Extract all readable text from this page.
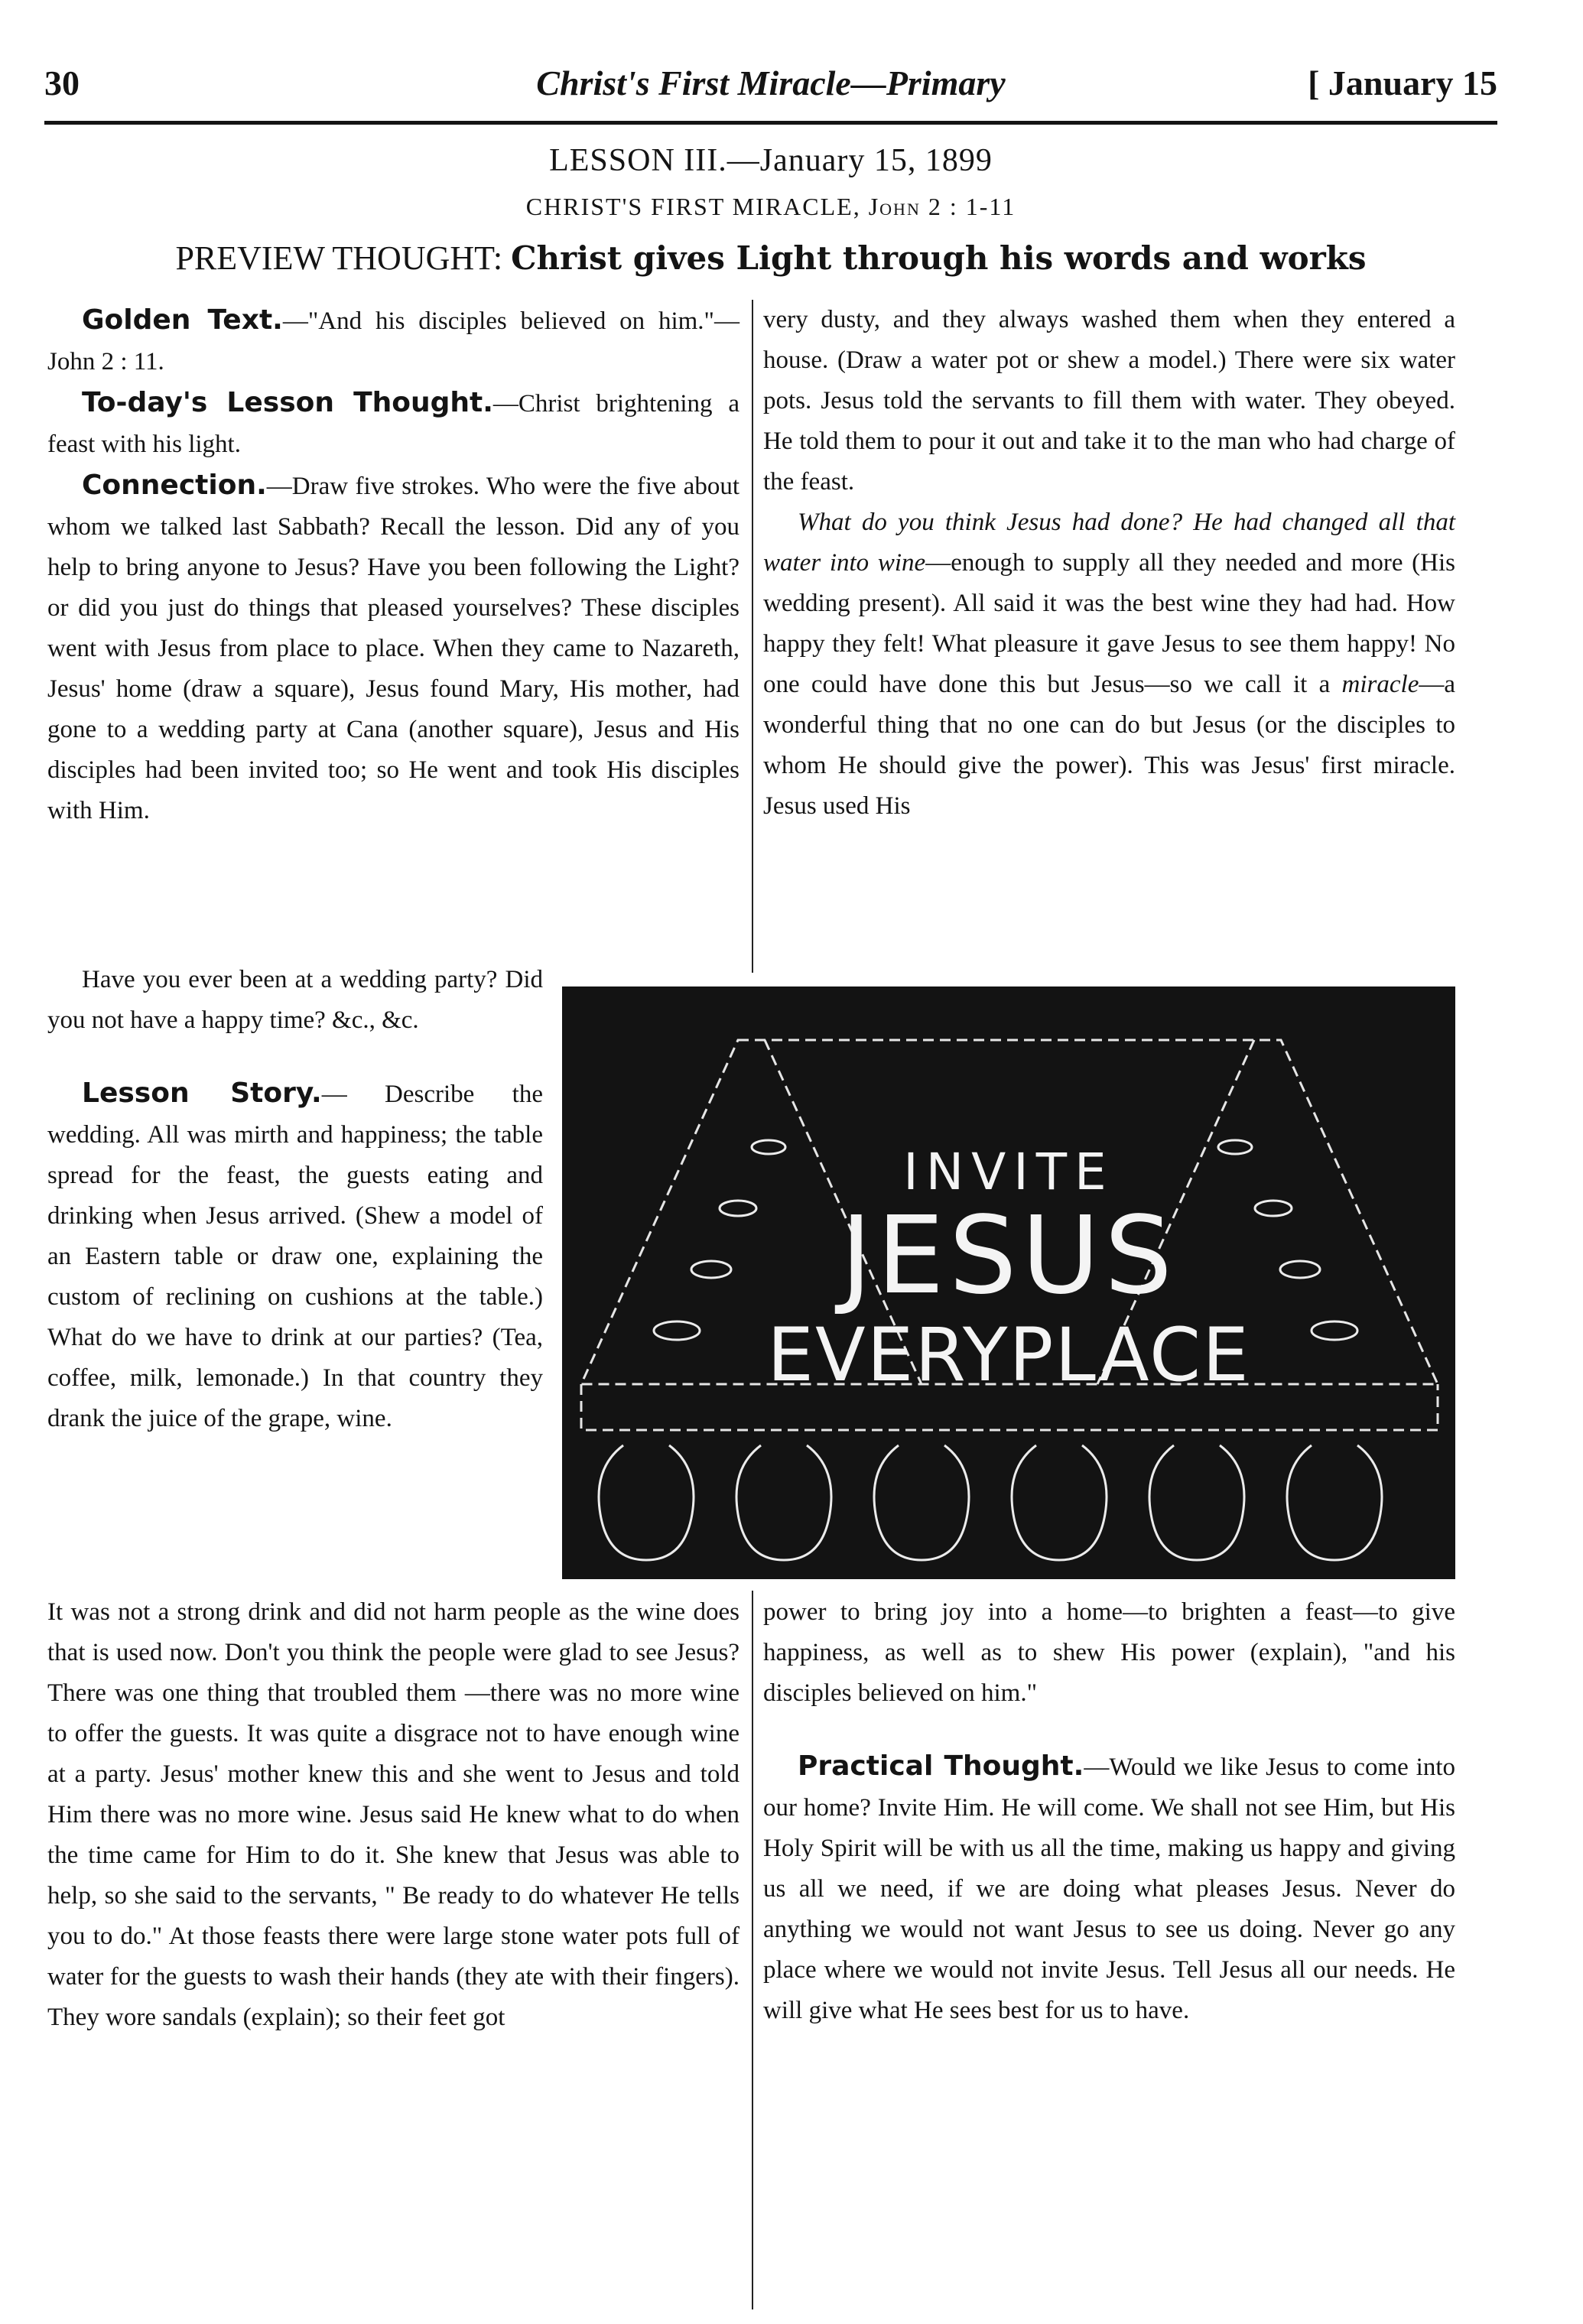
30	Christ's First Miracle—Primary	[ January 15
LESSON III.—January 15, 1899
CHRIST'S FIRST MIRACLE, John 2 : 1-11
PREVIEW THOUGHT: Christ gives Light through his words and works

Golden Text.—"And his disciples believed on him."—John 2 : 11.

To-day's Lesson Thought.—Christ brightening a feast with his light.

Connection.—Draw five strokes. Who were the five about whom we talked last Sabbath? Recall the lesson. Did any of you help to bring anyone to Jesus? Have you been following the Light? or did you just do things that pleased yourselves? These disciples went with Jesus from place to place. When they came to Nazareth, Jesus' home (draw a square), Jesus found Mary, His mother, had gone to a wedding party at Cana (another square), Jesus and His disciples had been invited too; so He went and took His disciples with Him.

Have you ever been at a wedding party? Did you not have a happy time? &c., &c.

Lesson Story.— Describe the wedding. All was mirth and happiness; the table spread for the feast, the guests eating and drinking when Jesus arrived. (Shew a model of an Eastern table or draw one, explaining the custom of reclining on cushions at the table.) What do we have to drink at our parties? (Tea, coffee, milk, lemonade.) In that country they drank the juice of the grape, wine.

INVITE
JESUS
EVERYPLACE

It was not a strong drink and did not harm people as the wine does that is used now. Don't you think the people were glad to see Jesus? There was one thing that troubled them —there was no more wine to offer the guests. It was quite a disgrace not to have enough wine at a party. Jesus' mother knew this and she went to Jesus and told Him there was no more wine. Jesus said He knew what to do when the time came for Him to do it. She knew that Jesus was able to help, so she said to the servants, " Be ready to do whatever He tells you to do." At those feasts there were large stone water pots full of water for the guests to wash their hands (they ate with their fingers). They wore sandals (explain); so their feet got

very dusty, and they always washed them when they entered a house. (Draw a water pot or shew a model.) There were six water pots. Jesus told the servants to fill them with water. They obeyed. He told them to pour it out and take it to the man who had charge of the feast.

What do you think Jesus had done? He had changed all that water into wine—enough to supply all they needed and more (His wedding present). All said it was the best wine they had had. How happy they felt! What pleasure it gave Jesus to see them happy! No one could have done this but Jesus—so we call it a miracle—a wonderful thing that no one can do but Jesus (or the disciples to whom He should give the power). This was Jesus' first miracle. Jesus used His

power to bring joy into a home—to brighten a feast—to give happiness, as well as to shew His power (explain), "and his disciples believed on him."

Practical Thought.—Would we like Jesus to come into our home? Invite Him. He will come. We shall not see Him, but His Holy Spirit will be with us all the time, making us happy and giving us all we need, if we are doing what pleases Jesus. Never do anything we would not want Jesus to see us doing. Never go any place where we would not invite Jesus. Tell Jesus all our needs. He will give what He sees best for us to have.
